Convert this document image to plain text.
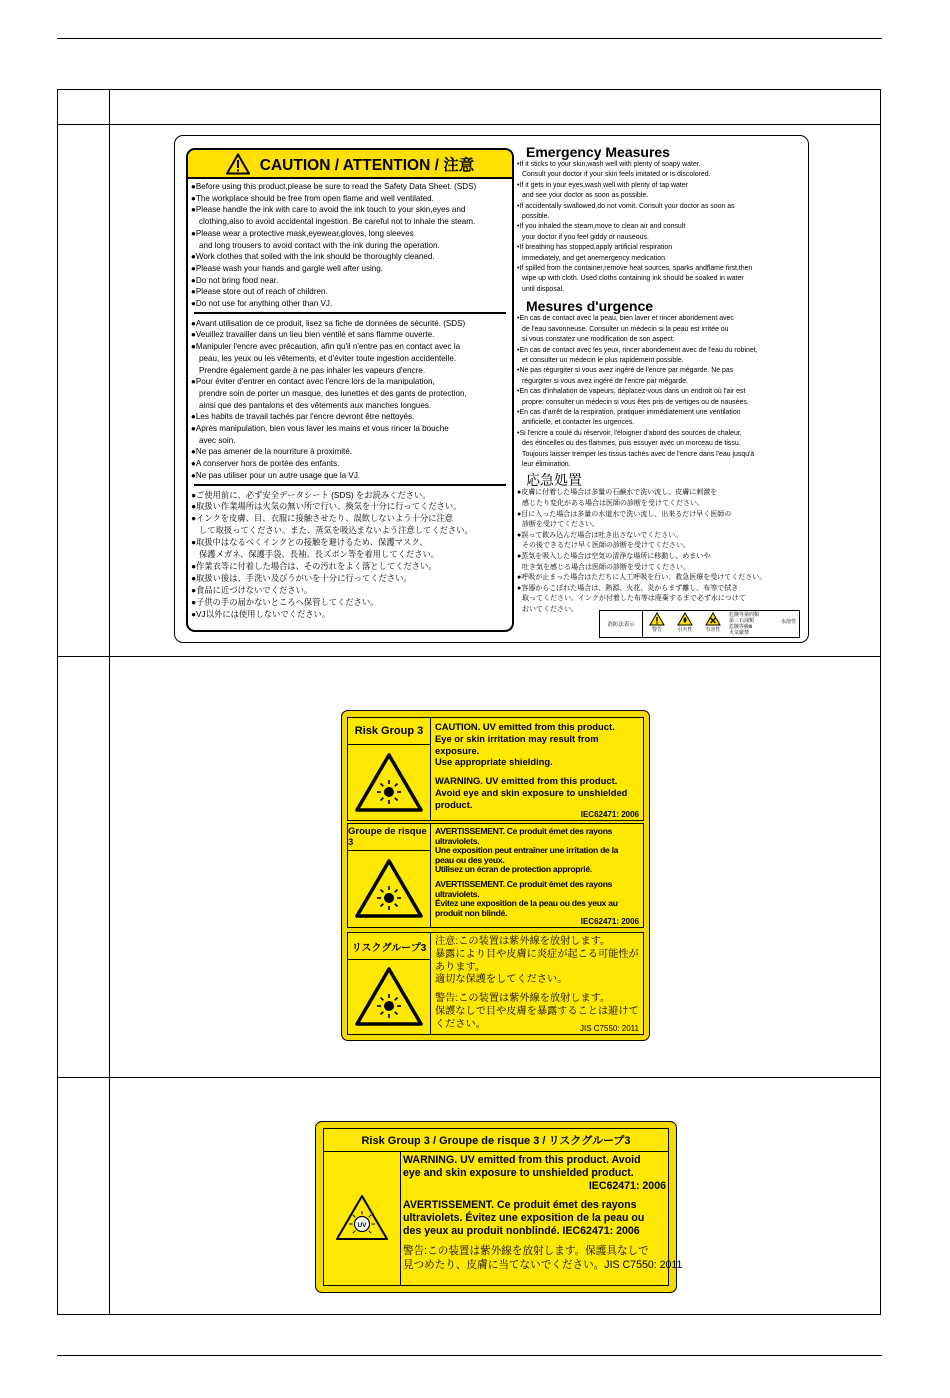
CAUTION / ATTENTION / 注意

●Before using this product,please be sure to read the Safety Data Sheet. (SDS)

●The workplace should be free from open flame and well ventilated.

●Please handle the ink with care to avoid the ink touch to your skin,eyes and

clothing,also to avoid accidental ingestion. Be careful not to inhale the steam.

●Please wear a protective mask,eyewear,gloves, long sleeves

and long trousers to avoid contact with the ink during the operation.

●Work clothes that soiled with the ink should be thoroughly cleaned.

●Please wash your hands and gargle well after using.

●Do not bring food near.

●Please store out of reach of children.

●Do not use for anything other than VJ.

●Avant utilisation de ce produit, lisez sa fiche de données de sécurité. (SDS)

●Veuillez travailler dans un lieu bien ventilé et sans flamme ouverte.

●Manipuler l'encre avec précaution, afin qu'il n'entre pas en contact avec la

peau, les yeux ou les vêtements, et d'éviter toute ingestion accidentelle.

Prendre également garde à ne pas inhaler les vapeurs d'encre.

●Pour éviter d'entrer en contact avec l'encre lors de la manipulation,

prendre soin de porter un masque, des lunettes et des gants de protection,

ainsi que des pantalons et des vêtements aux manches longues.

●Les habits de travail tachés par l'encre devront être nettoyés.

●Après manipulation, bien vous laver les mains et vous rincer la bouche

avec soin.

●Ne pas amener de la nourriture à proximité.

●A conserver hors de portée des enfants.

●Ne pas utiliser pour un autre usage que la VJ.

●ご使用前に、必ず安全データシート (SDS) をお読みください。

●取扱い作業場所は火気の無い所で行い、換気を十分に行ってください。

●インクを皮膚、目、衣服に接触させたり、誤飲しないよう十分に注意

して取扱ってください。また、蒸気を吸込まないよう注意してください。

●取扱中はなるべくインクとの接触を避けるため、保護マスク、

保護メガネ、保護手袋、長袖、長ズボン等を着用してください。

●作業衣等に付着した場合は、その汚れをよく落としてください。

●取扱い後は、手洗い及びうがいを十分に行ってください。

●食品に近づけないでください。

●子供の手の届かないところへ保管してください。

●VJ以外には使用しないでください。

Emergency Measures

•If it sticks to your skin,wash well with plenty of soapy water.

Consult your doctor if your skin feels imitated or is discolored.

•If it gets in your eyes,wash well with plenty of tap water

and see your doctor as soon as possible.

•If accidentally swallowed,do not vomit. Consult your doctor as soon as

possible.

•If you inhaled the steam,move to clean air and consult

your doctor if you feel giddy or nauseous.

•If breathing has stopped,apply artificial respiration

immediately, and get anemergency medication.

•If spilled from the container,remove heat sources, sparks andflame first,then

wipe up with cloth. Used cloths containing ink should be soaked in water

until disposal.

Mesures d'urgence

•En cas de contact avec la peau, bien laver et rincer abondement avec

de l'eau savonneuse. Consulter un médecin si la peau est irritée ou

si vous constatez une modification de son aspect.

•En cas de contact avec les yeux, rincer abondement avec de l'eau du robinet,

et consulter un médecin le plus rapidement possible.

•Ne pas régurgiter si vous avez ingéré de l'encre par mégarde. Ne pas

régurgiter si vous avez ingéré de l'encre par mégarde.

•En cas d'inhalation de vapeurs, déplacez-vous dans un endroit où l'air est

propre: consulter un médecin si vous êtes pris de vertiges ou de nausées.

•En cas d'arrêt de la respiration, pratiquer immédiatement une ventilation

artificielle, et contacter les urgences.

•Si l'encre a coulé du réservoir, l'éloigner d'abord des sources de chaleur,

des étincelles ou des flammes, puis essuyer avec un morceau de tissu.

Toujours laisser tremper les tissus tachés avec de l'encre dans l'eau jusqu'à

leur élimination.

応急処置

●皮膚に付着した場合は多量の石鹸水で洗い流し、皮膚に刺激を

感じたり変化がある場合は医師の診断を受けてください。

●目に入った場合は多量の水道水で洗い流し、出来るだけ早く医師の

診断を受けてください。

●誤って飲み込んだ場合は吐き出さないでください。

その後できるだけ早く医師の診断を受けてください。

●蒸気を吸入した場合は空気の清浄な場所に移動し、めまいや

吐き気を感じる場合は医師の診断を受けてください。

●呼吸が止まった場合はただちに人工呼吸を行い、救急医療を受けてください。

●容器からこぼれた場合は、熱源、火花、炎からまず離し、布等で拭き

取ってください。インクが付着した布等は廃棄するまで必ず水につけて

おいてください。

消防法表示
警告	引火性	有害性
危険等第四類
第三石油類
危険等級Ⅲ
火気厳禁
水溶性
Risk Group 3	CAUTION. UV emitted from this product.

Eye or skin irritation may result from

exposure.

Use appropriate shielding.

WARNING. UV emitted from this product.

Avoid eye and skin exposure to unshielded

product.

IEC62471: 2006
Groupe de risque 3

AVERTISSEMENT. Ce produit émet des rayons

ultraviolets.

Une exposition peut entraîner une irritation de la

peau ou des yeux.

Utilisez un écran de protection approprié.

AVERTISSEMENT. Ce produit émet des rayons

ultraviolets.

Évitez une exposition de la peau ou des yeux au

produit non blindé.

IEC62471: 2006
リスクグループ3

注意:この装置は紫外線を放射します。

暴露により目や皮膚に炎症が起こる可能性が

あります。

適切な保護をしてください。

警告:この装置は紫外線を放射します。

保護なしで目や皮膚を暴露することは避けて

ください。	JIS C7550: 2011
Risk Group 3 / Groupe de risque 3 / リスクグループ3
UV

WARNING. UV emitted from this product. Avoid

eye and skin exposure to unshielded product.

IEC62471: 2006

AVERTISSEMENT. Ce produit émet des rayons

ultraviolets. Évitez une exposition de la peau ou

des yeux au produit nonblindé. IEC62471: 2006

警告:この装置は紫外線を放射します。保護具なしで

見つめたり、皮膚に当てないでください。JIS C7550: 2011
